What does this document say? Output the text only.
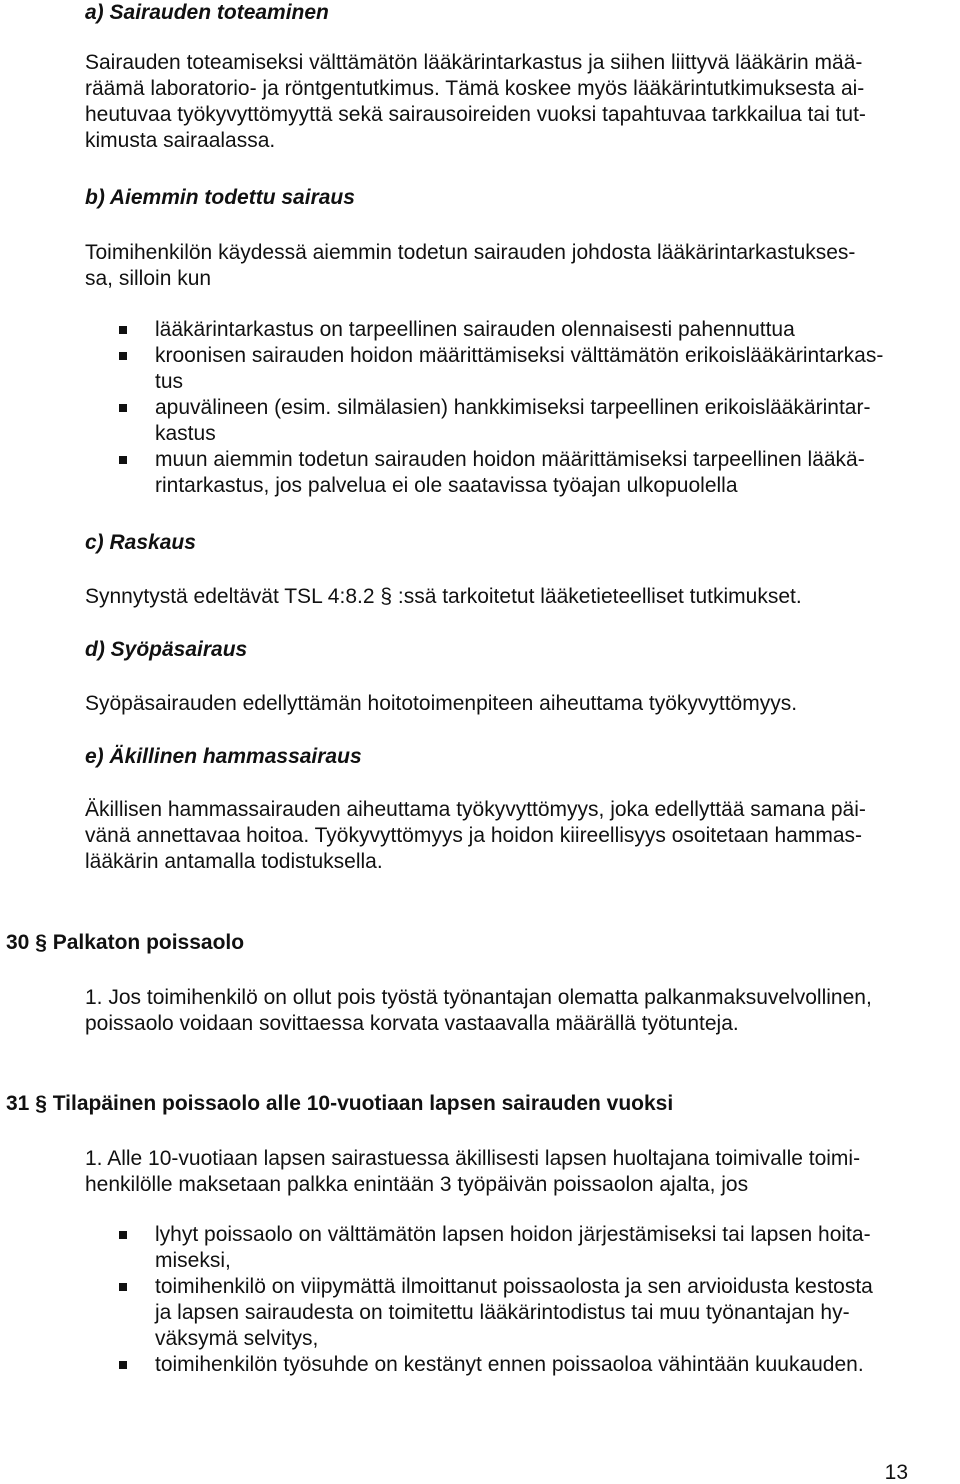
a) Sairauden toteaminen
Sairauden toteamiseksi välttämätön lääkärintarkastus ja siihen liittyvä lääkärin mää-
räämä laboratorio- ja röntgentutkimus. Tämä koskee myös lääkärintutkimuksesta ai-
heutuvaa työkyvyttömyyttä sekä sairausoireiden vuoksi tapahtuvaa tarkkailua tai tut-
kimusta sairaalassa.
b) Aiemmin todettu sairaus
Toimihenkilön käydessä aiemmin todetun sairauden johdosta lääkärintarkastukses-
sa, silloin kun
lääkärintarkastus on tarpeellinen sairauden olennaisesti pahennuttua
kroonisen sairauden hoidon määrittämiseksi välttämätön erikoislääkärintarkas-
tus
apuvälineen (esim. silmälasien) hankkimiseksi tarpeellinen erikoislääkärintar-
kastus
muun aiemmin todetun sairauden hoidon määrittämiseksi tarpeellinen lääkä-
rintarkastus, jos palvelua ei ole saatavissa työajan ulkopuolella
c) Raskaus
Synnytystä edeltävät TSL 4:8.2 § :ssä tarkoitetut lääketieteelliset tutkimukset.
d) Syöpäsairaus
Syöpäsairauden edellyttämän hoitotoimenpiteen aiheuttama työkyvyttömyys.
e) Äkillinen hammassairaus
Äkillisen hammassairauden aiheuttama työkyvyttömyys, joka edellyttää samana päi-
vänä annettavaa hoitoa. Työkyvyttömyys ja hoidon kiireellisyys osoitetaan hammas-
lääkärin antamalla todistuksella.
30 § Palkaton poissaolo
1. Jos toimihenkilö on ollut pois työstä työnantajan olematta palkanmaksuvelvollinen,
poissaolo voidaan sovittaessa korvata vastaavalla määrällä työtunteja.
31 § Tilapäinen poissaolo alle 10-vuotiaan lapsen sairauden vuoksi
1. Alle 10-vuotiaan lapsen sairastuessa äkillisesti lapsen huoltajana toimivalle toimi-
henkilölle maksetaan palkka enintään 3 työpäivän poissaolon ajalta, jos
lyhyt poissaolo on välttämätön lapsen hoidon järjestämiseksi tai lapsen hoita-
miseksi,
toimihenkilö on viipymättä ilmoittanut poissaolosta ja sen arvioidusta kestosta
ja lapsen sairaudesta on toimitettu lääkärintodistus tai muu työnantajan hy-
väksymä selvitys,
toimihenkilön työsuhde on kestänyt ennen poissaoloa vähintään kuukauden.
13
